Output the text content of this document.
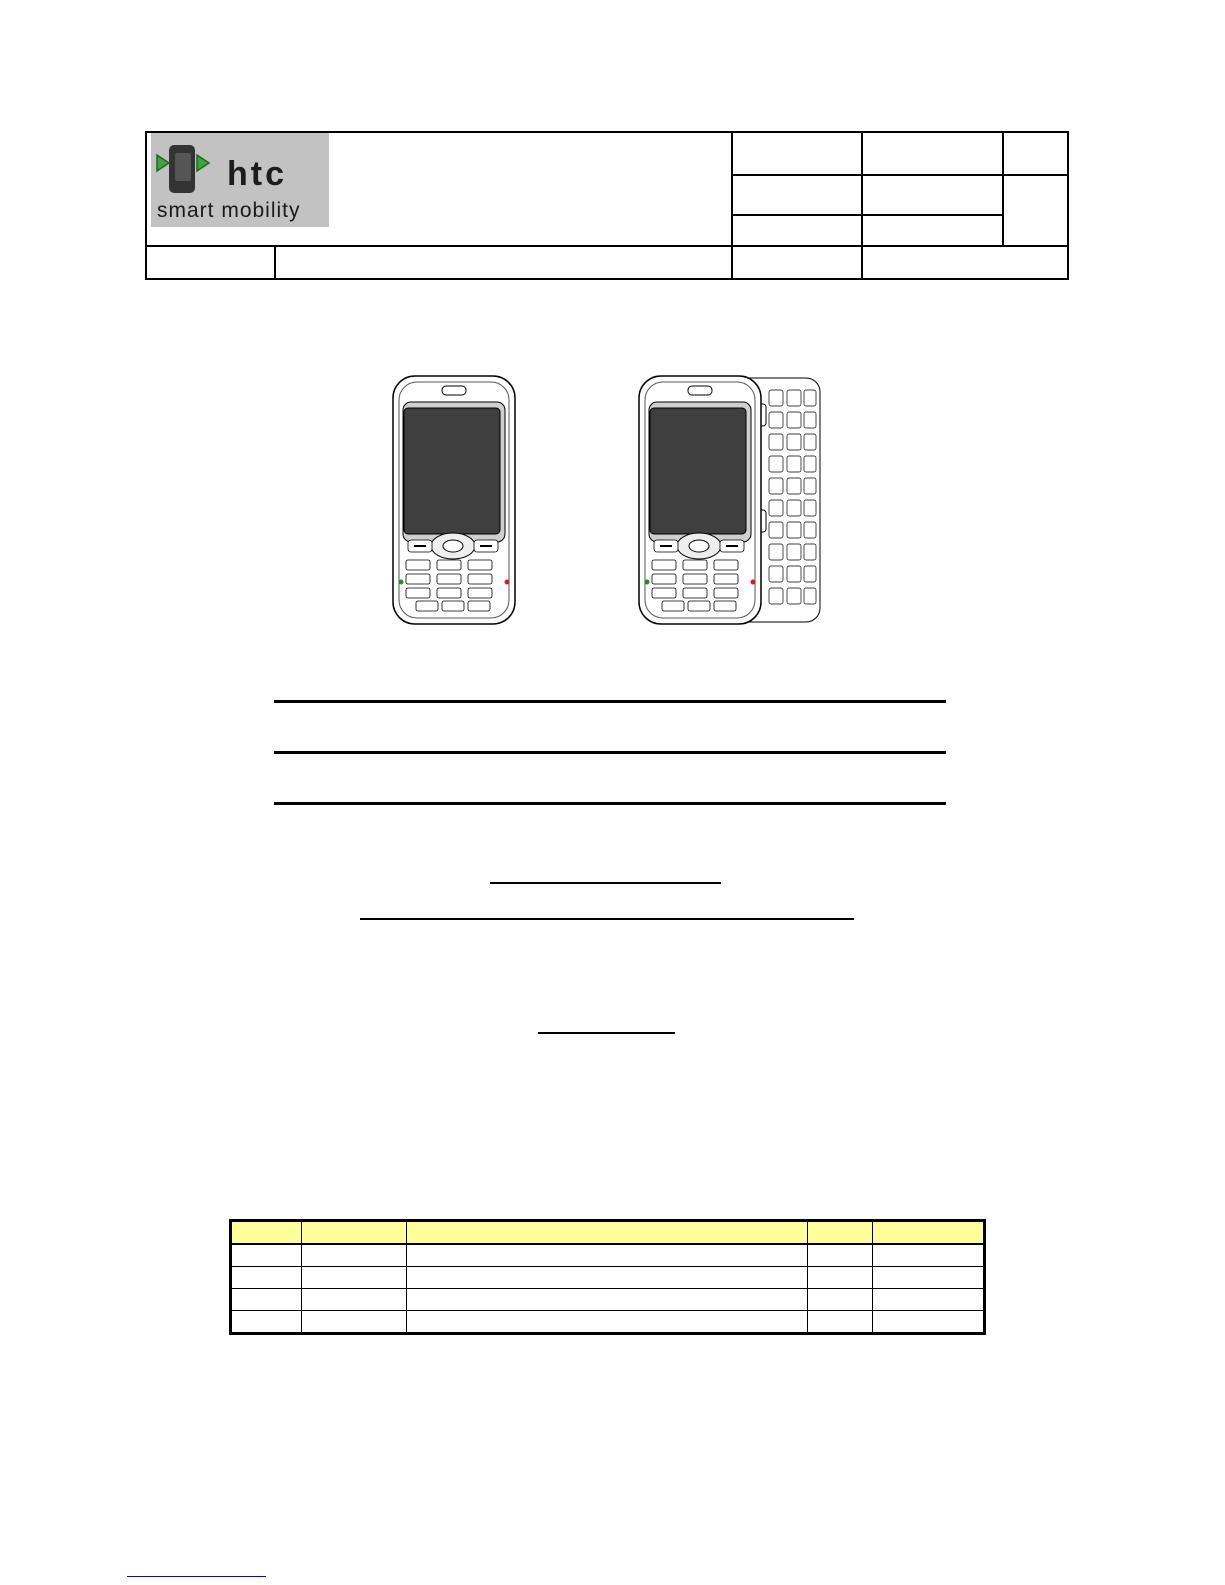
htc
smart mobility
